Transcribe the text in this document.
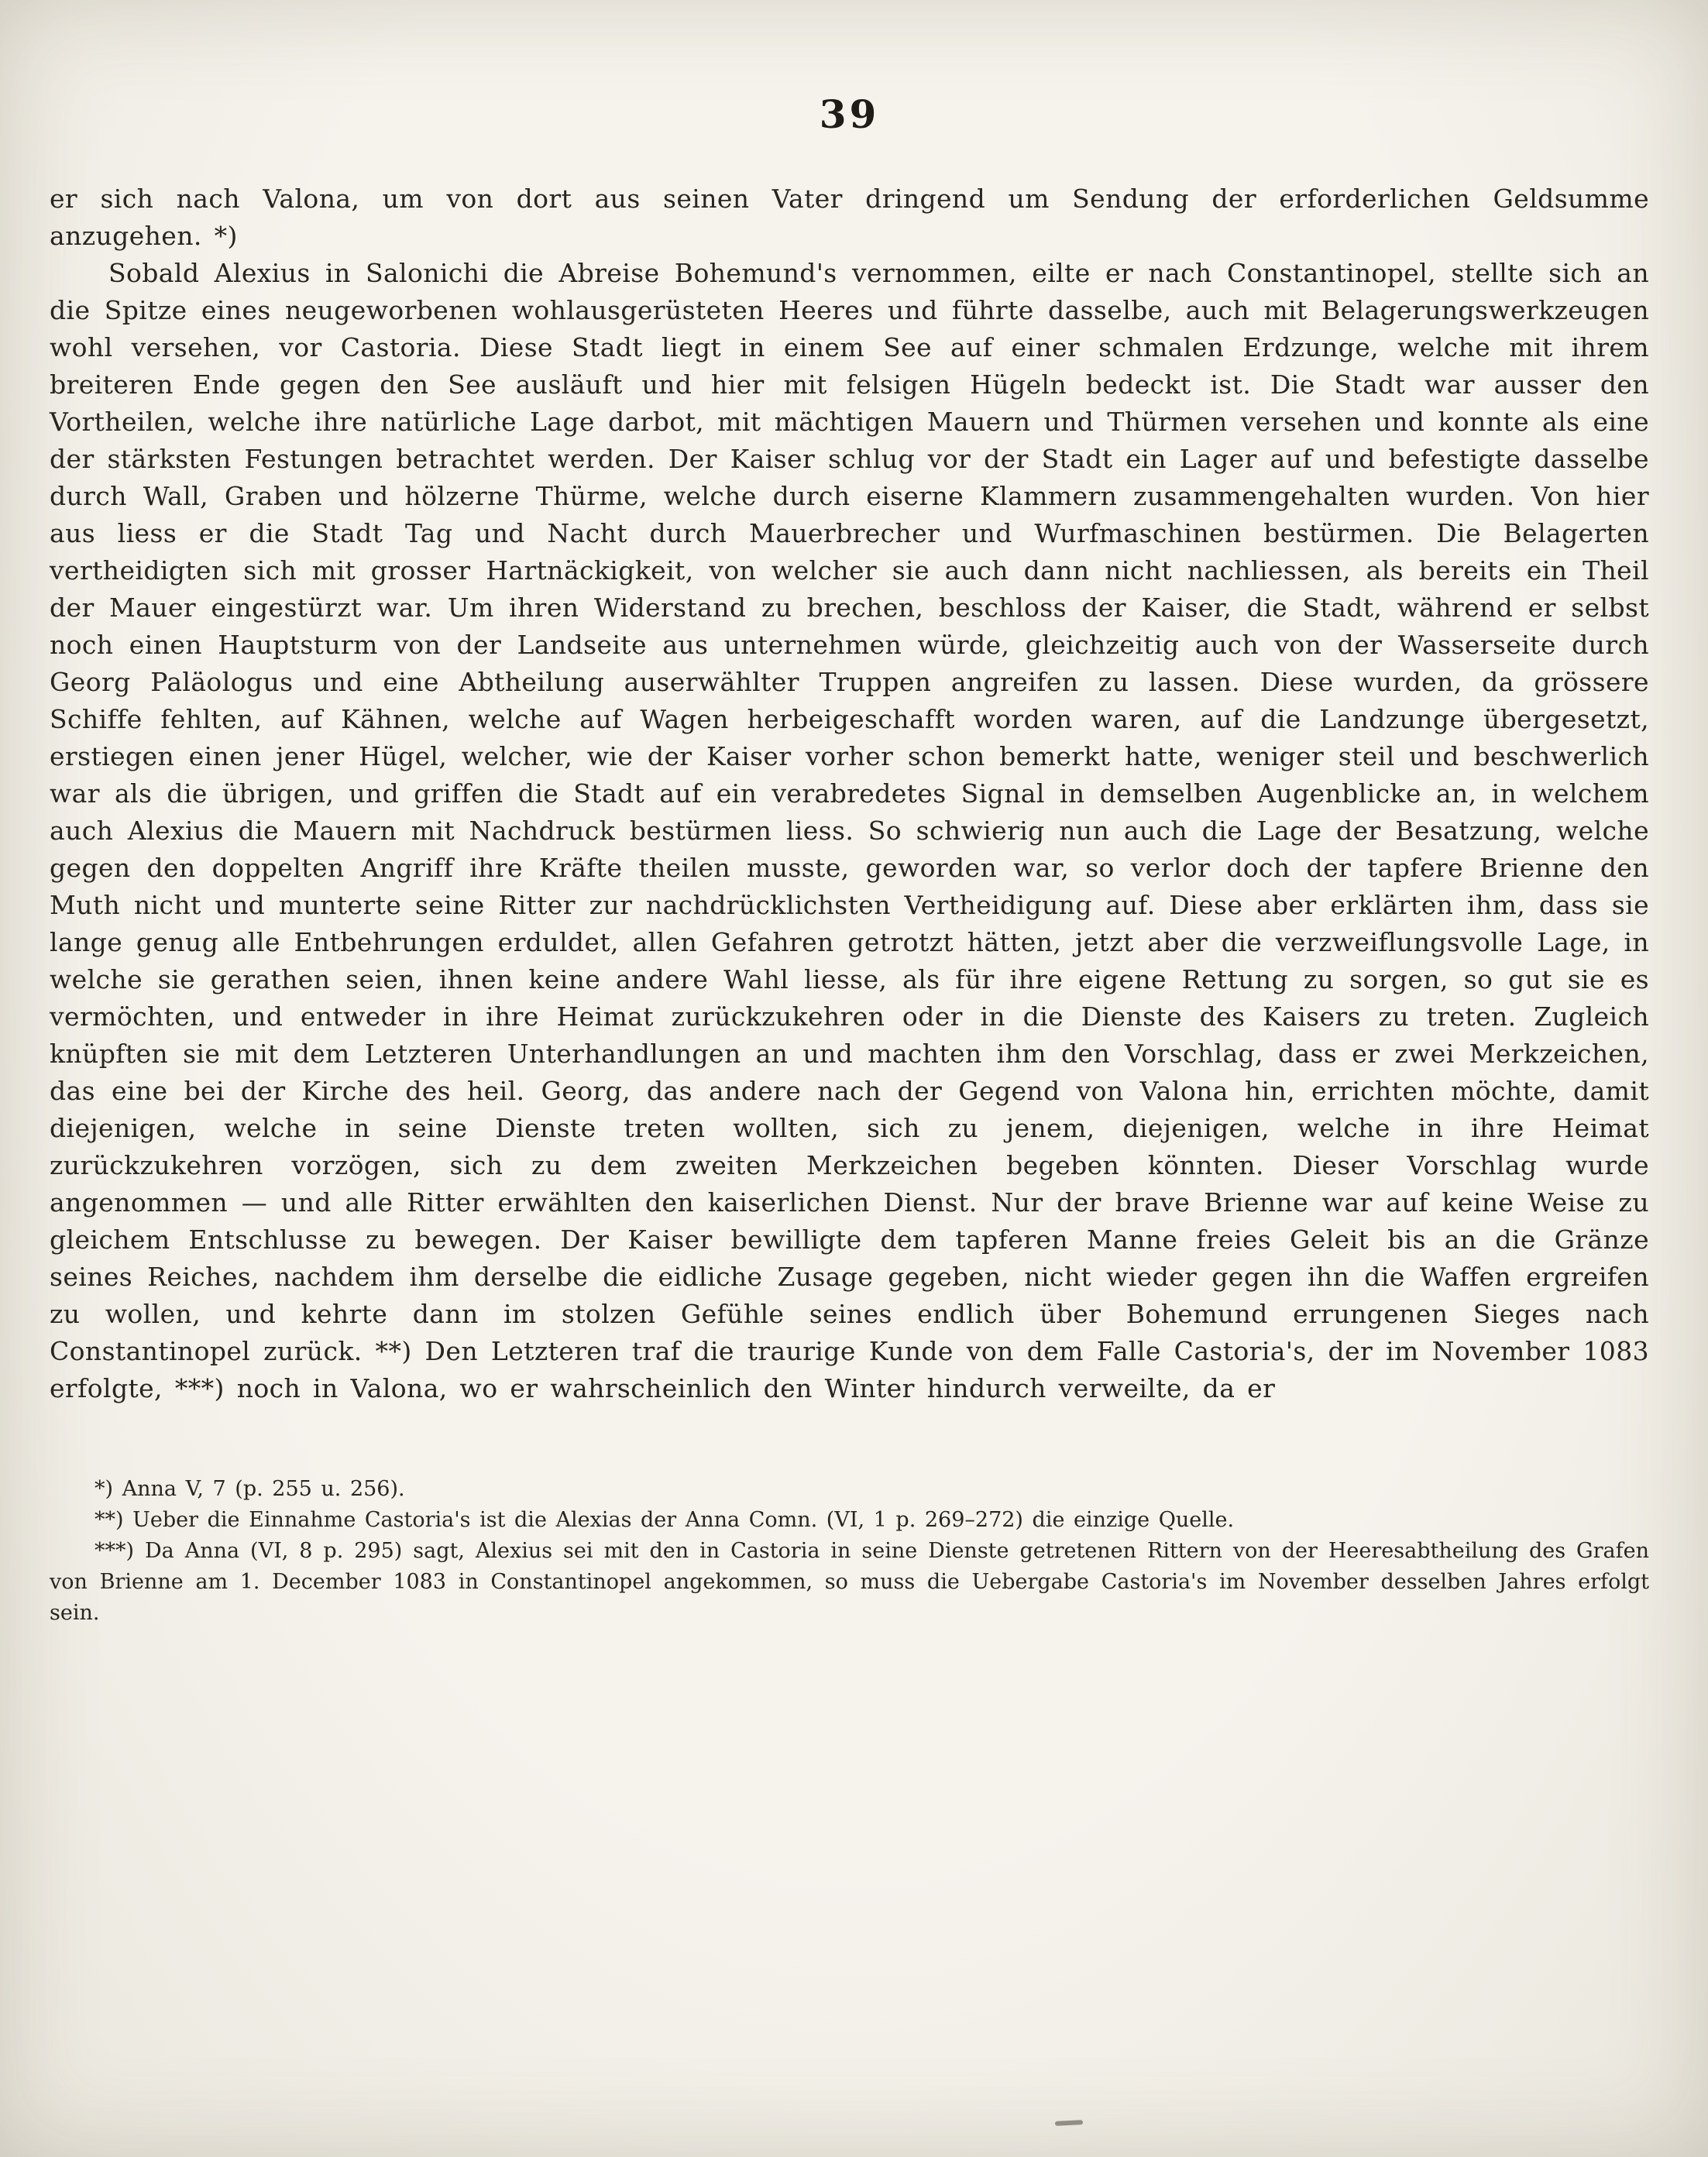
39

er sich nach Valona, um von dort aus seinen Vater dringend um Sendung der erforderlichen Geldsumme anzugehen. *)

Sobald Alexius in Salonichi die Abreise Bohemund's vernommen, eilte er nach Constantinopel, stellte sich an die Spitze eines neugeworbenen wohlausgerüsteten Heeres und führte dasselbe, auch mit Belagerungswerkzeugen wohl versehen, vor Castoria. Diese Stadt liegt in einem See auf einer schmalen Erdzunge, welche mit ihrem breiteren Ende gegen den See ausläuft und hier mit felsigen Hügeln bedeckt ist. Die Stadt war ausser den Vortheilen, welche ihre natürliche Lage darbot, mit mächtigen Mauern und Thürmen versehen und konnte als eine der stärksten Festungen betrachtet werden. Der Kaiser schlug vor der Stadt ein Lager auf und befestigte dasselbe durch Wall, Graben und hölzerne Thürme, welche durch eiserne Klammern zusammengehalten wurden. Von hier aus liess er die Stadt Tag und Nacht durch Mauerbrecher und Wurfmaschinen bestürmen. Die Belagerten vertheidigten sich mit grosser Hartnäckigkeit, von welcher sie auch dann nicht nachliessen, als bereits ein Theil der Mauer eingestürzt war. Um ihren Widerstand zu brechen, beschloss der Kaiser, die Stadt, während er selbst noch einen Hauptsturm von der Landseite aus unternehmen würde, gleichzeitig auch von der Wasserseite durch Georg Paläologus und eine Abtheilung auserwählter Truppen angreifen zu lassen. Diese wurden, da grössere Schiffe fehlten, auf Kähnen, welche auf Wagen herbeigeschafft worden waren, auf die Landzunge übergesetzt, erstiegen einen jener Hügel, welcher, wie der Kaiser vorher schon bemerkt hatte, weniger steil und beschwerlich war als die übrigen, und griffen die Stadt auf ein verabredetes Signal in demselben Augenblicke an, in welchem auch Alexius die Mauern mit Nachdruck bestürmen liess. So schwierig nun auch die Lage der Besatzung, welche gegen den doppelten Angriff ihre Kräfte theilen musste, geworden war, so verlor doch der tapfere Brienne den Muth nicht und munterte seine Ritter zur nachdrücklichsten Vertheidigung auf. Diese aber erklärten ihm, dass sie lange genug alle Entbehrungen erduldet, allen Gefahren getrotzt hätten, jetzt aber die verzweiflungsvolle Lage, in welche sie gerathen seien, ihnen keine andere Wahl liesse, als für ihre eigene Rettung zu sorgen, so gut sie es vermöchten, und entweder in ihre Heimat zurückzukehren oder in die Dienste des Kaisers zu treten. Zugleich knüpften sie mit dem Letzteren Unterhandlungen an und machten ihm den Vorschlag, dass er zwei Merkzeichen, das eine bei der Kirche des heil. Georg, das andere nach der Gegend von Valona hin, errichten möchte, damit diejenigen, welche in seine Dienste treten wollten, sich zu jenem, diejenigen, welche in ihre Heimat zurückzukehren vorzögen, sich zu dem zweiten Merkzeichen begeben könnten. Dieser Vorschlag wurde angenommen — und alle Ritter erwählten den kaiserlichen Dienst. Nur der brave Brienne war auf keine Weise zu gleichem Entschlusse zu bewegen. Der Kaiser bewilligte dem tapferen Manne freies Geleit bis an die Gränze seines Reiches, nachdem ihm derselbe die eidliche Zusage gegeben, nicht wieder gegen ihn die Waffen ergreifen zu wollen, und kehrte dann im stolzen Gefühle seines endlich über Bohemund errungenen Sieges nach Constantinopel zurück. **) Den Letzteren traf die traurige Kunde von dem Falle Castoria's, der im November 1083 erfolgte, ***) noch in Valona, wo er wahrscheinlich den Winter hindurch verweilte, da er

*) Anna V, 7 (p. 255 u. 256).

**) Ueber die Einnahme Castoria's ist die Alexias der Anna Comn. (VI, 1 p. 269–272) die einzige Quelle.

***) Da Anna (VI, 8 p. 295) sagt, Alexius sei mit den in Castoria in seine Dienste getretenen Rittern von der Heeresabtheilung des Grafen von Brienne am 1. December 1083 in Constantinopel angekommen, so muss die Uebergabe Castoria's im November desselben Jahres erfolgt sein.
